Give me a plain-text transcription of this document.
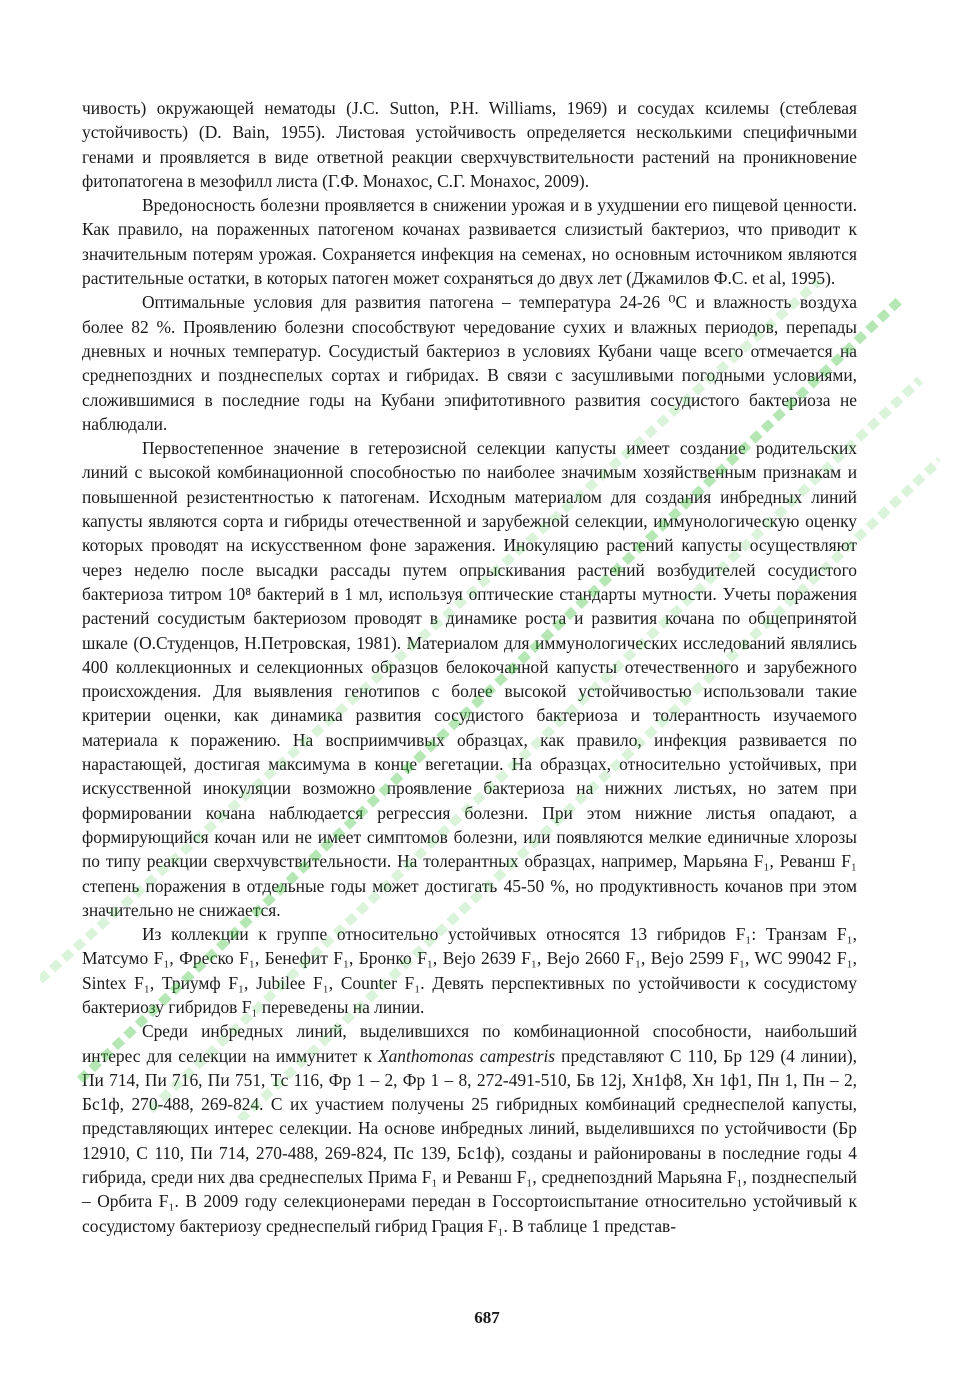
чивость) окружающей нематоды (J.C. Sutton, P.H. Williams, 1969) и сосудах ксилемы (стеблевая устойчивость) (D. Bain, 1955). Листовая устойчивость определяется несколькими специфичными генами и проявляется в виде ответной реакции сверхчувствительности растений на проникновение фитопатогена в мезофилл листа (Г.Ф. Монахос, С.Г. Монахос, 2009).

Вредоносность болезни проявляется в снижении урожая и в ухудшении его пищевой ценности. Как правило, на пораженных патогеном кочанах развивается слизистый бактериоз, что приводит к значительным потерям урожая. Сохраняется инфекция на семенах, но основным источником являются растительные остатки, в которых патоген может сохраняться до двух лет (Джамилов Ф.С. et al, 1995).

Оптимальные условия для развития патогена – температура 24-26 ⁰С и влажность воздуха более 82 %. Проявлению болезни способствуют чередование сухих и влажных периодов, перепады дневных и ночных температур. Сосудистый бактериоз в условиях Кубани чаще всего отмечается на среднепоздних и позднеспелых сортах и гибридах. В связи с засушливыми погодными условиями, сложившимися в последние годы на Кубани эпифитотивного развития сосудистого бактериоза не наблюдали.

Первостепенное значение в гетерозисной селекции капусты имеет создание родительских линий с высокой комбинационной способностью по наиболее значимым хозяйственным признакам и повышенной резистентностью к патогенам. Исходным материалом для создания инбредных линий капусты являются сорта и гибриды отечественной и зарубежной селекции, иммунологическую оценку которых проводят на искусственном фоне заражения. Инокуляцию растений капусты осуществляют через неделю после высадки рассады путем опрыскивания растений возбудителей сосудистого бактериоза титром 10⁸ бактерий в 1 мл, используя оптические стандарты мутности. Учеты поражения растений сосудистым бактериозом проводят в динамике роста и развития кочана по общепринятой шкале (О.Студенцов, Н.Петровская, 1981). Материалом для иммунологических исследований являлись 400 коллекционных и селекционных образцов белокочанной капусты отечественного и зарубежного происхождения. Для выявления генотипов с более высокой устойчивостью использовали такие критерии оценки, как динамика развития сосудистого бактериоза и толерантность изучаемого материала к поражению. На восприимчивых образцах, как правило, инфекция развивается по нарастающей, достигая максимума в конце вегетации. На образцах, относительно устойчивых, при искусственной инокуляции возможно проявление бактериоза на нижних листьях, но затем при формировании кочана наблюдается регрессия болезни. При этом нижние листья опадают, а формирующийся кочан или не имеет симптомов болезни, или появляются мелкие единичные хлорозы по типу реакции сверхчувствительности. На толерантных образцах, например, Марьяна F₁, Реванш F₁ степень поражения в отдельные годы может достигать 45-50 %, но продуктивность кочанов при этом значительно не снижается.

Из коллекции к группе относительно устойчивых относятся 13 гибридов F₁: Транзам F₁, Матсумо F₁, Фреско F₁, Бенефит F₁, Бронко F₁, Bejo 2639 F₁, Bejo 2660 F₁, Bejo 2599 F₁, WC 99042 F₁, Sintex F₁, Триумф F₁, Jubilee F₁, Counter F₁. Девять перспективных по устойчивости к сосудистому бактериозу гибридов F₁ переведены на линии.

Среди инбредных линий, выделившихся по комбинационной способности, наибольший интерес для селекции на иммунитет к Xanthomonas campestris представляют С 110, Бр 129 (4 линии), Пи 714, Пи 716, Пи 751, Тс 116, Фр 1 – 2, Фр 1 – 8, 272-491-510, Бв 12j, Хн1ф8, Хн 1ф1, Пн 1, Пн – 2, Бс1ф, 270-488, 269-824. С их участием получены 25 гибридных комбинаций среднеспелой капусты, представляющих интерес селекции. На основе инбредных линий, выделившихся по устойчивости (Бр 12910, С 110, Пи 714, 270-488, 269-824, Пс 139, Бс1ф), созданы и районированы в последние годы 4 гибрида, среди них два среднеспелых Прима F₁ и Реванш F₁, среднепоздний Марьяна F₁, позднеспелый – Орбита F₁. В 2009 году селекционерами передан в Госсортоиспытание относительно устойчивый к сосудистому бактериозу среднеспелый гибрид Грация F₁. В таблице 1 представ-

687
